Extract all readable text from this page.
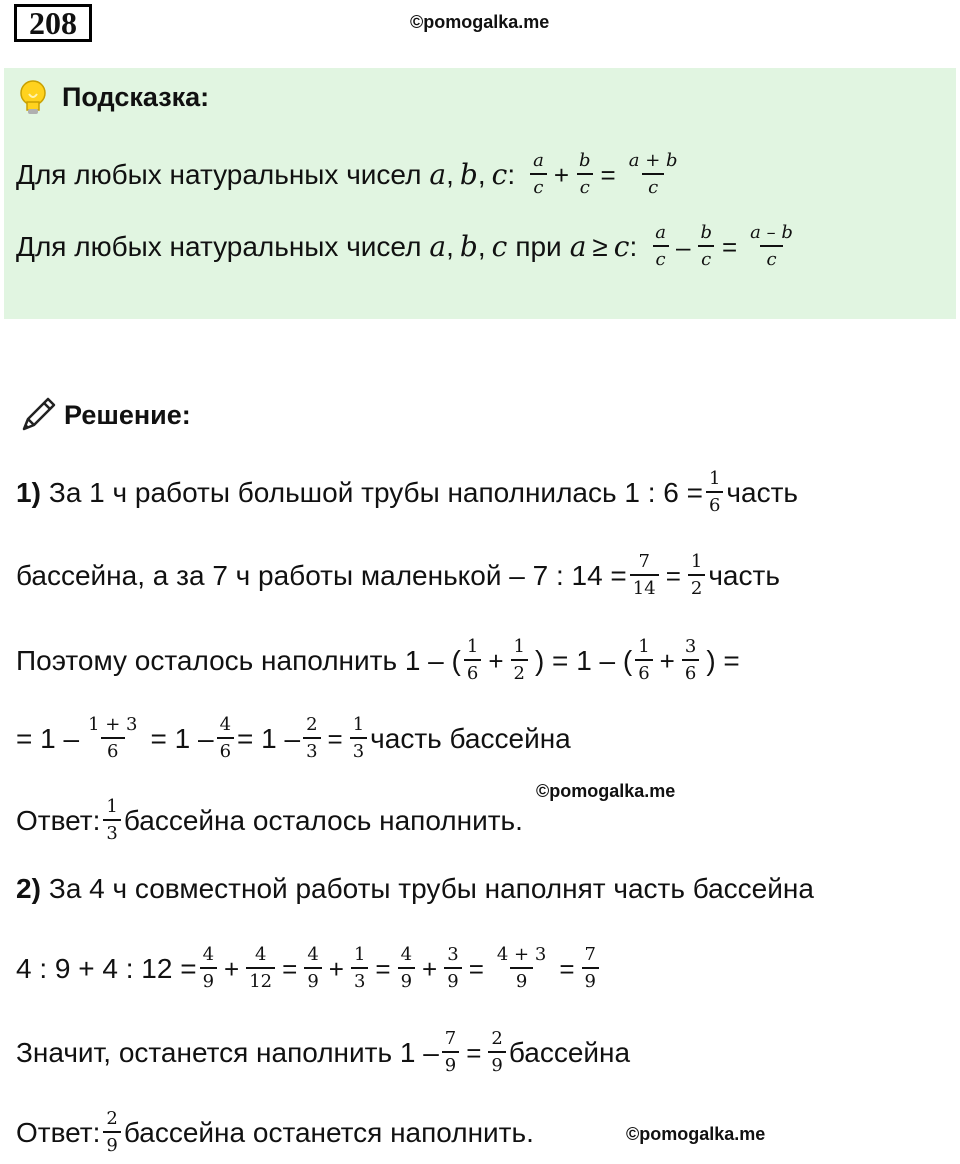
208	©pomogalka.me
Подсказка:
Для любых натуральных чисел a , b , c : $\frac{a}{c} + \frac{b}{c} = \frac{a + b}{c}$
Для любых натуральных чисел a , b , c при a ≥ c : $\frac{a}{c} - \frac{b}{c} = \frac{a - b}{c}$
Решение:
1) За 1 ч работы большой трубы наполнилась 1 : $6 = \frac{1}{6}$ часть
бассейна, а за 7 ч работы маленькой – 7 : $14 = \frac{7}{14} = \frac{1}{2}$ часть
Поэтому осталось наполнить 1 – ( $\frac{1}{6} + \frac{1}{2}$ ) = 1 – ( $\frac{1}{6} + \frac{3}{6}$ ) =
= $1 - \frac{1 + 3}{6} = 1 - \frac{4}{6} = 1 - \frac{2}{3} = \frac{1}{3}$ часть бассейна
©pomogalka.me
Ответ: $\frac{1}{3}$ бассейна осталось наполнить.
2) За 4 ч совместной работы трубы наполнят часть бассейна
4 : 9 + 4 : $12 = \frac{4}{9} + \frac{4}{12} = \frac{4}{9} + \frac{1}{3} = \frac{4}{9} + \frac{3}{9} = \frac{4 + 3}{9} = \frac{7}{9}$
Значит, останется наполнить $1 - \frac{7}{9} = \frac{2}{9}$ бассейна
Ответ: $\frac{2}{9}$ бассейна останется наполнить.	©pomogalka.me
